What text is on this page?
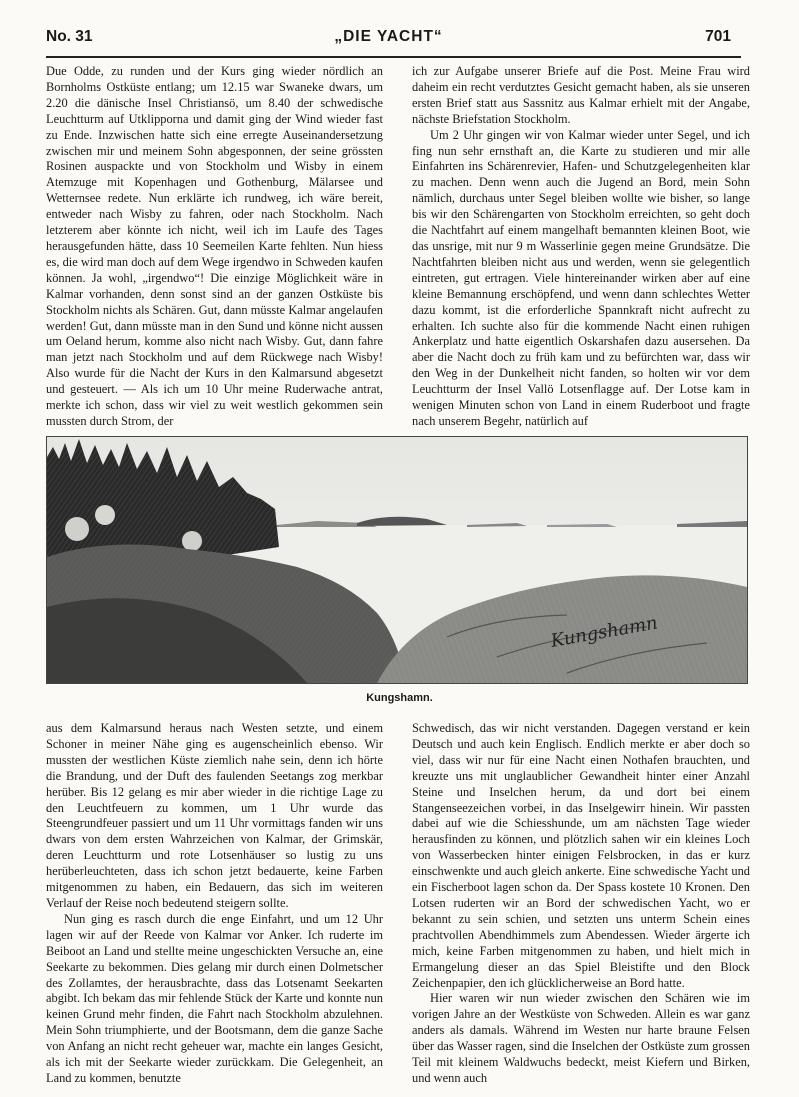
No. 31	„DIE YACHT“	701

Due Odde, zu runden und der Kurs ging wieder nördlich an Bornholms Ostküste entlang; um 12.15 war Swaneke dwars, um 2.20 die dänische Insel Christiansö, um 8.40 der schwedische Leuchtturm auf Utklipporna und damit ging der Wind wieder fast zu Ende. Inzwischen hatte sich eine erregte Auseinandersetzung zwischen mir und meinem Sohn abgesponnen, der seine grössten Rosinen auspackte und von Stockholm und Wisby in einem Atemzuge mit Kopenhagen und Gothenburg, Mälarsee und Wetternsee redete. Nun erklärte ich rundweg, ich wäre bereit, entweder nach Wisby zu fahren, oder nach Stockholm. Nach letzterem aber könnte ich nicht, weil ich im Laufe des Tages herausgefunden hätte, dass 10 Seemeilen Karte fehlten. Nun hiess es, die wird man doch auf dem Wege irgendwo in Schweden kaufen können. Ja wohl, „irgendwo“! Die einzige Möglichkeit wäre in Kalmar vorhanden, denn sonst sind an der ganzen Ostküste bis Stockholm nichts als Schären. Gut, dann müsste Kalmar angelaufen werden! Gut, dann müsste man in den Sund und könne nicht aussen um Oeland herum, komme also nicht nach Wisby. Gut, dann fahre man jetzt nach Stockholm und auf dem Rückwege nach Wisby! Also wurde für die Nacht der Kurs in den Kalmarsund abgesetzt und gesteuert. — Als ich um 10 Uhr meine Ruderwache antrat, merkte ich schon, dass wir viel zu weit westlich gekommen sein mussten durch Strom, der

ich zur Aufgabe unserer Briefe auf die Post. Meine Frau wird daheim ein recht verdutztes Gesicht gemacht haben, als sie unseren ersten Brief statt aus Sassnitz aus Kalmar erhielt mit der Angabe, nächste Briefstation Stockholm.

Um 2 Uhr gingen wir von Kalmar wieder unter Segel, und ich fing nun sehr ernsthaft an, die Karte zu studieren und mir alle Einfahrten ins Schärenrevier, Hafen- und Schutzgelegenheiten klar zu machen. Denn wenn auch die Jugend an Bord, mein Sohn nämlich, durchaus unter Segel bleiben wollte wie bisher, so lange bis wir den Schärengarten von Stockholm erreichten, so geht doch die Nachtfahrt auf einem mangelhaft bemannten kleinen Boot, wie das unsrige, mit nur 9 m Wasserlinie gegen meine Grundsätze. Die Nachtfahrten bleiben nicht aus und werden, wenn sie gelegentlich eintreten, gut ertragen. Viele hintereinander wirken aber auf eine kleine Bemannung erschöpfend, und wenn dann schlechtes Wetter dazu kommt, ist die erforderliche Spannkraft nicht aufrecht zu erhalten. Ich suchte also für die kommende Nacht einen ruhigen Ankerplatz und hatte eigentlich Oskarshafen dazu ausersehen. Da aber die Nacht doch zu früh kam und zu befürchten war, dass wir den Weg in der Dunkelheit nicht fanden, so holten wir vor dem Leuchtturm der Insel Vallö Lotsenflagge auf. Der Lotse kam in wenigen Minuten schon von Land in einem Ruderboot und fragte nach unserem Begehr, natürlich auf

Kungshamn
Kungshamn.

aus dem Kalmarsund heraus nach Westen setzte, und einem Schoner in meiner Nähe ging es augenscheinlich ebenso. Wir mussten der westlichen Küste ziemlich nahe sein, denn ich hörte die Brandung, und der Duft des faulenden Seetangs zog merkbar herüber. Bis 12 gelang es mir aber wieder in die richtige Lage zu den Leuchtfeuern zu kommen, um 1 Uhr wurde das Steengrundfeuer passiert und um 11 Uhr vormittags fanden wir uns dwars von dem ersten Wahrzeichen von Kalmar, der Grimskär, deren Leuchtturm und rote Lotsenhäuser so lustig zu uns herüberleuchteten, dass ich schon jetzt bedauerte, keine Farben mitgenommen zu haben, ein Bedauern, das sich im weiteren Verlauf der Reise noch bedeutend steigern sollte.

Nun ging es rasch durch die enge Einfahrt, und um 12 Uhr lagen wir auf der Reede von Kalmar vor Anker. Ich ruderte im Beiboot an Land und stellte meine ungeschickten Versuche an, eine Seekarte zu bekommen. Dies gelang mir durch einen Dolmetscher des Zollamtes, der herausbrachte, dass das Lotsenamt Seekarten abgibt. Ich bekam das mir fehlende Stück der Karte und konnte nun keinen Grund mehr finden, die Fahrt nach Stockholm abzulehnen. Mein Sohn triumphierte, und der Bootsmann, dem die ganze Sache von Anfang an nicht recht geheuer war, machte ein langes Gesicht, als ich mit der Seekarte wieder zurückkam. Die Gelegenheit, an Land zu kommen, benutzte

Schwedisch, das wir nicht verstanden. Dagegen verstand er kein Deutsch und auch kein Englisch. Endlich merkte er aber doch so viel, dass wir nur für eine Nacht einen Nothafen brauchten, und kreuzte uns mit unglaublicher Gewandheit hinter einer Anzahl Steine und Inselchen herum, da und dort bei einem Stangenseezeichen vorbei, in das Inselgewirr hinein. Wir passten dabei auf wie die Schiesshunde, um am nächsten Tage wieder herausfinden zu können, und plötzlich sahen wir ein kleines Loch von Wasserbecken hinter einigen Felsbrocken, in das er kurz einschwenkte und auch gleich ankerte. Eine schwedische Yacht und ein Fischerboot lagen schon da. Der Spass kostete 10 Kronen. Den Lotsen ruderten wir an Bord der schwedischen Yacht, wo er bekannt zu sein schien, und setzten uns unterm Schein eines prachtvollen Abendhimmels zum Abendessen. Wieder ärgerte ich mich, keine Farben mitgenommen zu haben, und hielt mich in Ermangelung dieser an das Spiel Bleistifte und den Block Zeichenpapier, den ich glücklicherweise an Bord hatte.

Hier waren wir nun wieder zwischen den Schären wie im vorigen Jahre an der Westküste von Schweden. Allein es war ganz anders als damals. Während im Westen nur harte braune Felsen über das Wasser ragen, sind die Inselchen der Ostküste zum grossen Teil mit kleinem Waldwuchs bedeckt, meist Kiefern und Birken, und wenn auch
